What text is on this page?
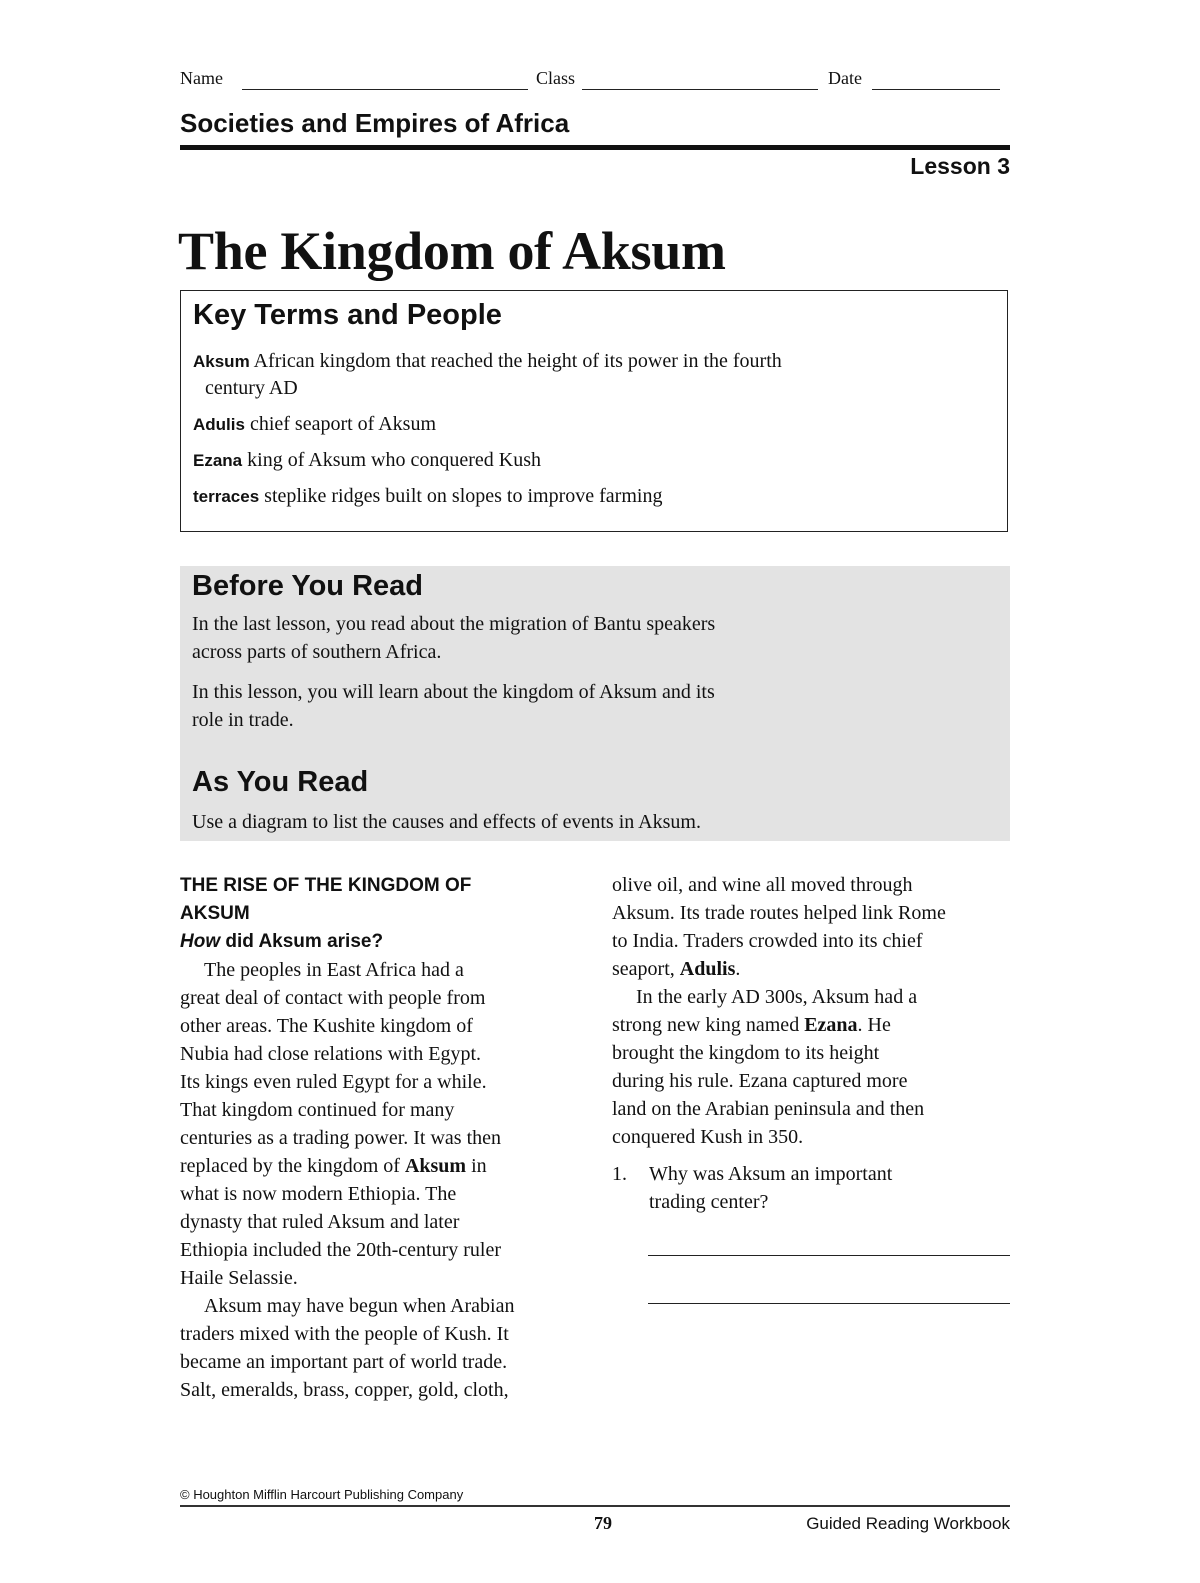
Name	Class	Date
Societies and Empires of Africa
Lesson 3
The Kingdom of Aksum
Key Terms and People
Aksum African kingdom that reached the height of its power in the fourth
century AD
Adulis chief seaport of Aksum
Ezana king of Aksum who conquered Kush
terraces steplike ridges built on slopes to improve farming
Before You Read
In the last lesson, you read about the migration of Bantu speakers
across parts of southern Africa.
In this lesson, you will learn about the kingdom of Aksum and its
role in trade.
As You Read
Use a diagram to list the causes and effects of events in Aksum.
THE RISE OF THE KINGDOM OF
AKSUM
How did Aksum arise?
The peoples in East Africa had a
great deal of contact with people from
other areas. The Kushite kingdom of
Nubia had close relations with Egypt.
Its kings even ruled Egypt for a while.
That kingdom continued for many
centuries as a trading power. It was then
replaced by the kingdom of Aksum in
what is now modern Ethiopia. The
dynasty that ruled Aksum and later
Ethiopia included the 20th-century ruler
Haile Selassie.
Aksum may have begun when Arabian
traders mixed with the people of Kush. It
became an important part of world trade.
Salt, emeralds, brass, copper, gold, cloth,
olive oil, and wine all moved through
Aksum. Its trade routes helped link Rome
to India. Traders crowded into its chief
seaport, Adulis.
In the early AD 300s, Aksum had a
strong new king named Ezana. He
brought the kingdom to its height
during his rule. Ezana captured more
land on the Arabian peninsula and then
conquered Kush in 350.
1. Why was Aksum an important
trading center?
© Houghton Mifflin Harcourt Publishing Company
79	Guided Reading Workbook
